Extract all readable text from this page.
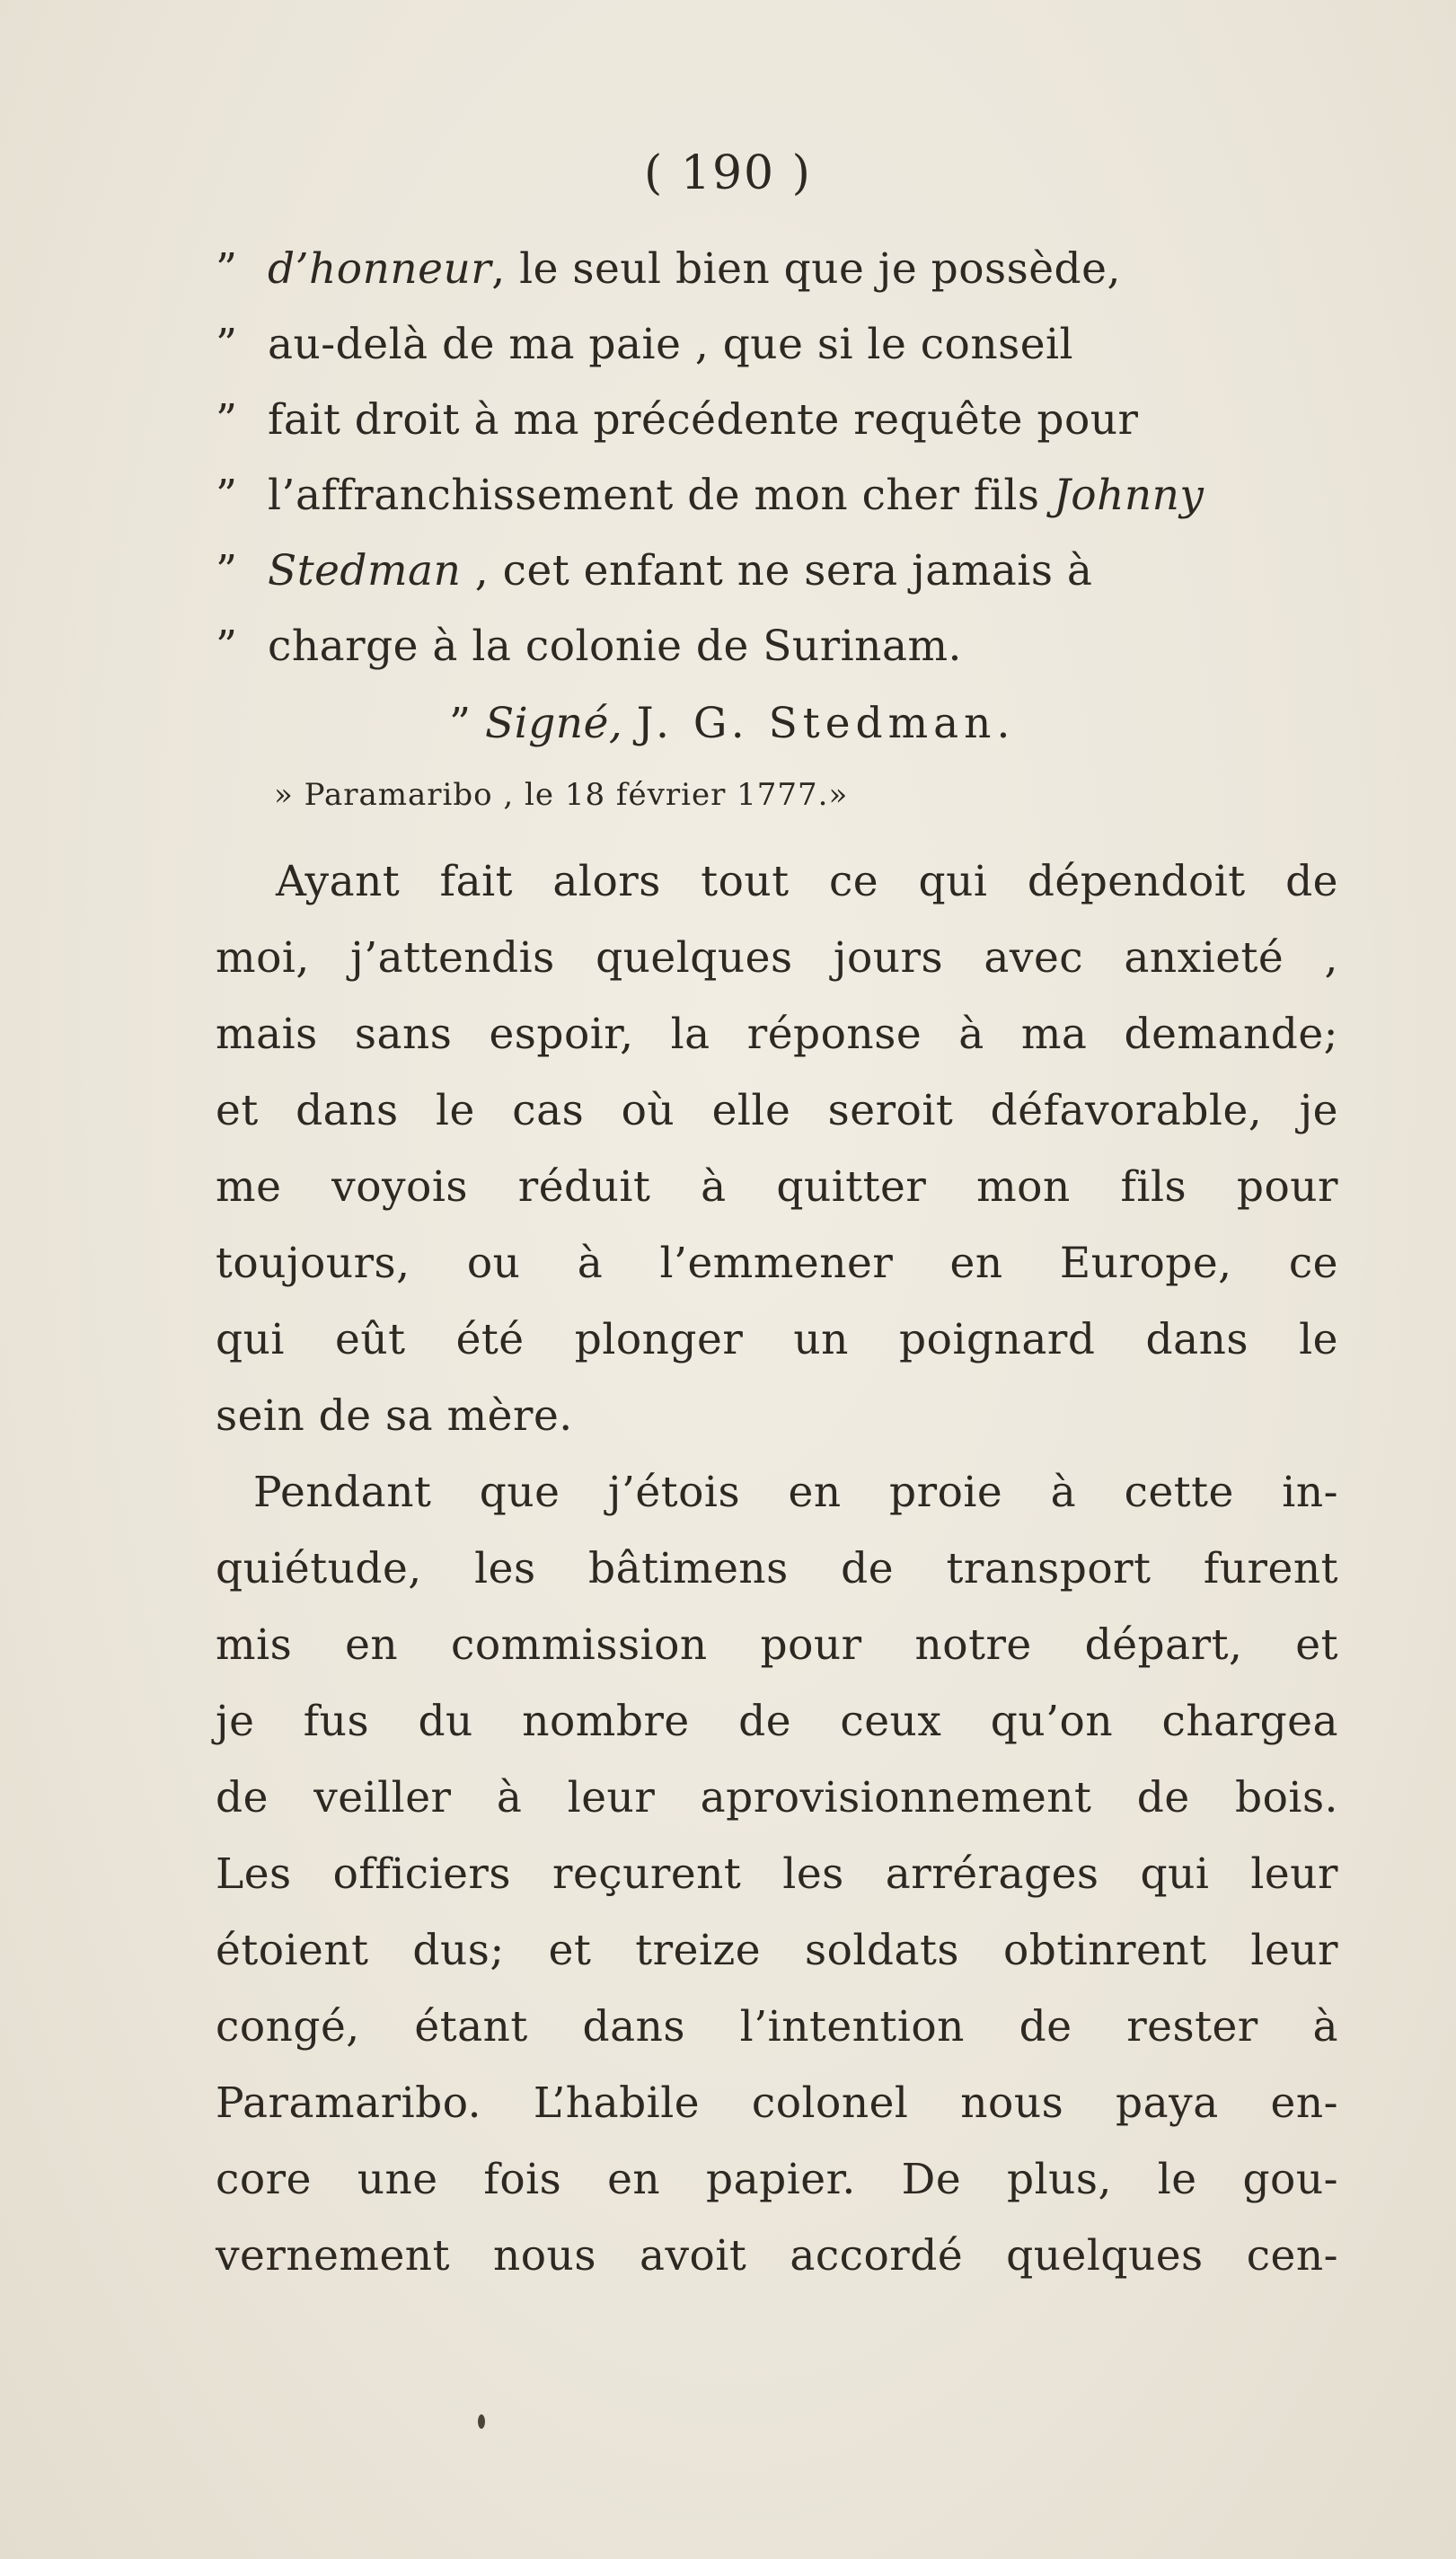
( 190 )
” d’honneur, le seul bien que je possède,
” au-delà de ma paie , que si le conseil
” fait droit à ma précédente requête pour
” l’affranchissement de mon cher fils Johnny
” Stedman , cet enfant ne sera jamais à
” charge à la colonie de Surinam.
” Signé, J. G. Stedman.
» Paramaribo , le 18 février 1777.»
Ayant fait alors tout ce qui dépendoit de
moi, j’attendis quelques jours avec anxieté ,
mais sans espoir, la réponse à ma demande;
et dans le cas où elle seroit défavorable, je
me voyois réduit à quitter mon fils pour
toujours, ou à l’emmener en Europe, ce
qui eût été plonger un poignard dans le
sein de sa mère.
Pendant que j’étois en proie à cette in-
quiétude, les bâtimens de transport furent
mis en commission pour notre départ, et
je fus du nombre de ceux qu’on chargea
de veiller à leur aprovisionnement de bois.
Les officiers reçurent les arrérages qui leur
étoient dus; et treize soldats obtinrent leur
congé, étant dans l’intention de rester à
Paramaribo. L’habile colonel nous paya en-
core une fois en papier. De plus, le gou-
vernement nous avoit accordé quelques cen-
